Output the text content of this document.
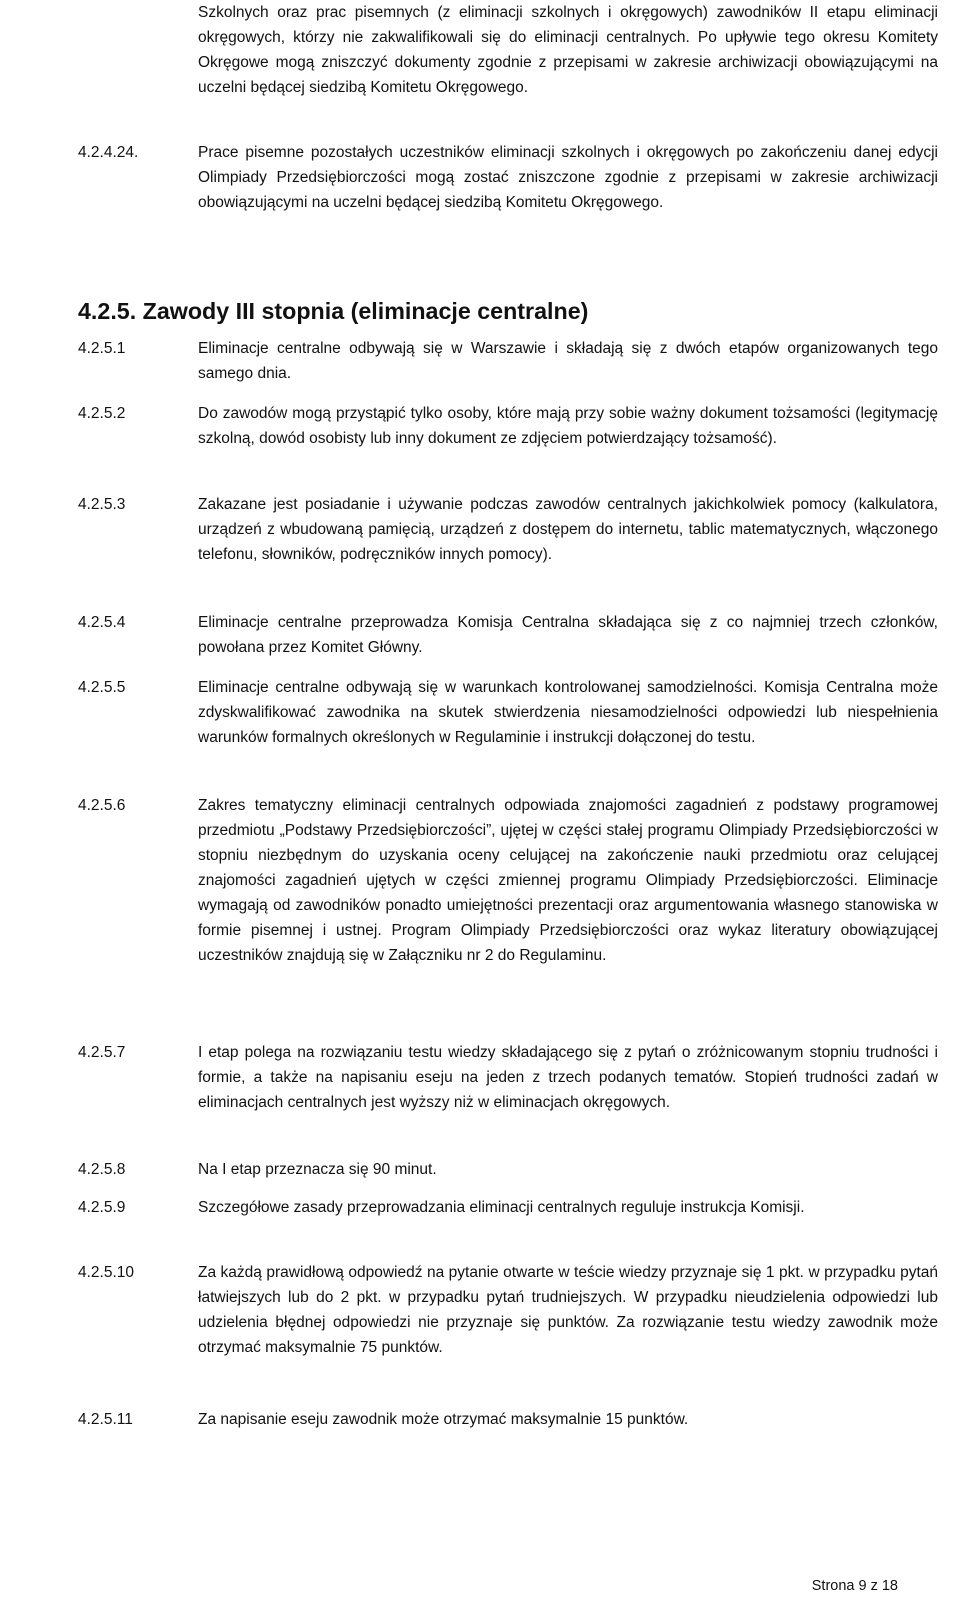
Szkolnych oraz prac pisemnych (z eliminacji szkolnych i okręgowych) zawodników II etapu eliminacji okręgowych, którzy nie zakwalifikowali się do eliminacji centralnych. Po upływie tego okresu Komitety Okręgowe mogą zniszczyć dokumenty zgodnie z przepisami w zakresie archiwizacji obowiązującymi na uczelni będącej siedzibą Komitetu Okręgowego.

4.2.4.24.	Prace pisemne pozostałych uczestników eliminacji szkolnych i okręgowych po zakończeniu danej edycji Olimpiady Przedsiębiorczości mogą zostać zniszczone zgodnie z przepisami w zakresie archiwizacji obowiązującymi na uczelni będącej siedzibą Komitetu Okręgowego.

4.2.5. Zawody III stopnia (eliminacje centralne)

4.2.5.1	Eliminacje centralne odbywają się w Warszawie i składają się z dwóch etapów organizowanych tego samego dnia.

4.2.5.2	Do zawodów mogą przystąpić tylko osoby, które mają przy sobie ważny dokument tożsamości (legitymację szkolną, dowód osobisty lub inny dokument ze zdjęciem potwierdzający tożsamość).

4.2.5.3	Zakazane jest posiadanie i używanie podczas zawodów centralnych jakichkolwiek pomocy (kalkulatora, urządzeń z wbudowaną pamięcią, urządzeń z dostępem do internetu, tablic matematycznych, włączonego telefonu, słowników, podręczników innych pomocy).

4.2.5.4	Eliminacje centralne przeprowadza Komisja Centralna składająca się z co najmniej trzech członków, powołana przez Komitet Główny.

4.2.5.5	Eliminacje centralne odbywają się w warunkach kontrolowanej samodzielności. Komisja Centralna może zdyskwalifikować zawodnika na skutek stwierdzenia niesamodzielności odpowiedzi lub niespełnienia warunków formalnych określonych w Regulaminie i instrukcji dołączonej do testu.

4.2.5.6	Zakres tematyczny eliminacji centralnych odpowiada znajomości zagadnień z podstawy programowej przedmiotu „Podstawy Przedsiębiorczości”, ujętej w części stałej programu Olimpiady Przedsiębiorczości w stopniu niezbędnym do uzyskania oceny celującej na zakończenie nauki przedmiotu oraz celującej znajomości zagadnień ujętych w części zmiennej programu Olimpiady Przedsiębiorczości. Eliminacje wymagają od zawodników ponadto umiejętności prezentacji oraz argumentowania własnego stanowiska w formie pisemnej i ustnej. Program Olimpiady Przedsiębiorczości oraz wykaz literatury obowiązującej uczestników znajdują się w Załączniku nr 2 do Regulaminu.

4.2.5.7	I etap polega na rozwiązaniu testu wiedzy składającego się z pytań o zróżnicowanym stopniu trudności i formie, a także na napisaniu eseju na jeden z trzech podanych tematów. Stopień trudności zadań w eliminacjach centralnych jest wyższy niż w eliminacjach okręgowych.

4.2.5.8	Na I etap przeznacza się 90 minut.

4.2.5.9	Szczegółowe zasady przeprowadzania eliminacji centralnych reguluje instrukcja Komisji.

4.2.5.10	Za każdą prawidłową odpowiedź na pytanie otwarte w teście wiedzy przyznaje się 1 pkt. w przypadku pytań łatwiejszych lub do 2 pkt. w przypadku pytań trudniejszych. W przypadku nieudzielenia odpowiedzi lub udzielenia błędnej odpowiedzi nie przyznaje się punktów. Za rozwiązanie testu wiedzy zawodnik może otrzymać maksymalnie 75 punktów.

4.2.5.11	Za napisanie eseju zawodnik może otrzymać maksymalnie 15 punktów.

Strona 9 z 18
